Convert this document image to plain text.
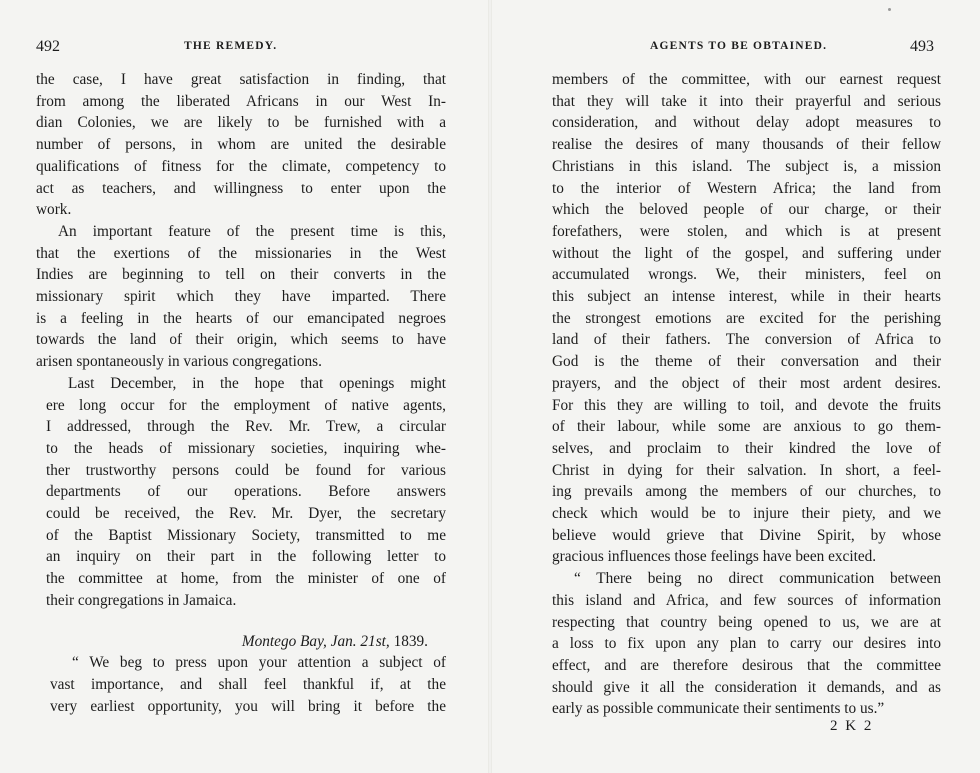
492	THE REMEDY.
the case, I have great satisfaction in finding, that
from among the liberated Africans in our West In-
dian Colonies, we are likely to be furnished with a
number of persons, in whom are united the desirable
qualifications of fitness for the climate, competency to
act as teachers, and willingness to enter upon the
work.
An important feature of the present time is this,
that the exertions of the missionaries in the West
Indies are beginning to tell on their converts in the
missionary spirit which they have imparted. There
is a feeling in the hearts of our emancipated negroes
towards the land of their origin, which seems to have
arisen spontaneously in various congregations.
Last December, in the hope that openings might
ere long occur for the employment of native agents,
I addressed, through the Rev. Mr. Trew, a circular
to the heads of missionary societies, inquiring whe-
ther trustworthy persons could be found for various
departments of our operations. Before answers
could be received, the Rev. Mr. Dyer, the secretary
of the Baptist Missionary Society, transmitted to me
an inquiry on their part in the following letter to
the committee at home, from the minister of one of
their congregations in Jamaica.
Montego Bay, Jan. 21st, 1839.
“ We beg to press upon your attention a subject of
vast importance, and shall feel thankful if, at the
very earliest opportunity, you will bring it before the
AGENTS TO BE OBTAINED.	493
members of the committee, with our earnest request
that they will take it into their prayerful and serious
consideration, and without delay adopt measures to
realise the desires of many thousands of their fellow
Christians in this island. The subject is, a mission
to the interior of Western Africa; the land from
which the beloved people of our charge, or their
forefathers, were stolen, and which is at present
without the light of the gospel, and suffering under
accumulated wrongs. We, their ministers, feel on
this subject an intense interest, while in their hearts
the strongest emotions are excited for the perishing
land of their fathers. The conversion of Africa to
God is the theme of their conversation and their
prayers, and the object of their most ardent desires.
For this they are willing to toil, and devote the fruits
of their labour, while some are anxious to go them-
selves, and proclaim to their kindred the love of
Christ in dying for their salvation. In short, a feel-
ing prevails among the members of our churches, to
check which would be to injure their piety, and we
believe would grieve that Divine Spirit, by whose
gracious influences those feelings have been excited.
“ There being no direct communication between
this island and Africa, and few sources of information
respecting that country being opened to us, we are at
a loss to fix upon any plan to carry our desires into
effect, and are therefore desirous that the committee
should give it all the consideration it demands, and as
early as possible communicate their sentiments to us.”
2 K 2
